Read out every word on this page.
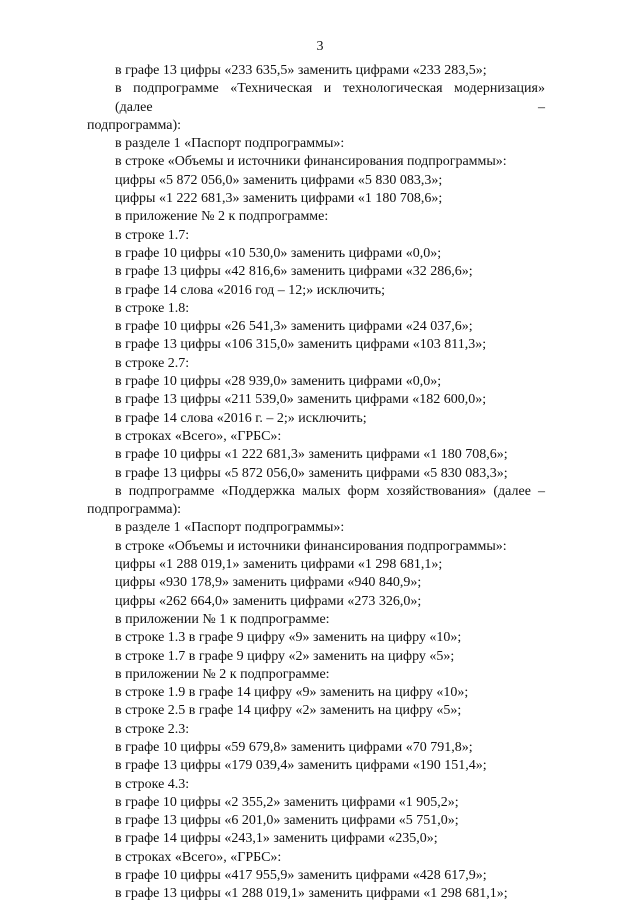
3
в графе 13 цифры «233 635,5» заменить цифрами «233 283,5»;
в подпрограмме «Техническая и технологическая модернизация» (далее –
подпрограмма):
в разделе 1 «Паспорт подпрограммы»:
в строке «Объемы и источники финансирования подпрограммы»:
цифры «5 872 056,0» заменить цифрами «5 830 083,3»;
цифры «1 222 681,3» заменить цифрами «1 180 708,6»;
в приложение № 2 к подпрограмме:
в строке 1.7:
в графе 10 цифры «10 530,0» заменить цифрами «0,0»;
в графе 13 цифры «42 816,6» заменить цифрами «32 286,6»;
в графе 14 слова «2016 год – 12;» исключить;
в строке 1.8:
в графе 10 цифры «26 541,3» заменить цифрами «24 037,6»;
в графе 13 цифры «106 315,0» заменить цифрами «103 811,3»;
в строке 2.7:
в графе 10 цифры «28 939,0» заменить цифрами «0,0»;
в графе 13 цифры «211 539,0» заменить цифрами «182 600,0»;
в графе 14 слова «2016 г. – 2;» исключить;
в строках «Всего», «ГРБС»:
в графе 10 цифры «1 222 681,3» заменить цифрами «1 180 708,6»;
в графе 13 цифры «5 872 056,0» заменить цифрами «5 830 083,3»;
в подпрограмме «Поддержка малых форм хозяйствования» (далее –
подпрограмма):
в разделе 1 «Паспорт подпрограммы»:
в строке «Объемы и источники финансирования подпрограммы»:
цифры «1 288 019,1» заменить цифрами «1 298 681,1»;
цифры «930 178,9» заменить цифрами «940 840,9»;
цифры «262 664,0» заменить цифрами «273 326,0»;
в приложении № 1 к подпрограмме:
в строке 1.3 в графе 9 цифру «9» заменить на цифру «10»;
в строке 1.7 в графе 9 цифру «2» заменить на цифру «5»;
в приложении № 2 к подпрограмме:
в строке 1.9 в графе 14 цифру «9» заменить на цифру «10»;
в строке 2.5 в графе 14 цифру «2» заменить на цифру «5»;
в строке 2.3:
в графе 10 цифры «59 679,8» заменить цифрами «70 791,8»;
в графе 13 цифры «179 039,4» заменить цифрами «190 151,4»;
в строке 4.3:
в графе 10 цифры «2 355,2» заменить цифрами «1 905,2»;
в графе 13 цифры «6 201,0» заменить цифрами «5 751,0»;
в графе 14 цифры «243,1» заменить цифрами «235,0»;
в строках «Всего», «ГРБС»:
в графе 10 цифры «417 955,9» заменить цифрами «428 617,9»;
в графе 13 цифры «1 288 019,1» заменить цифрами «1 298 681,1»;
